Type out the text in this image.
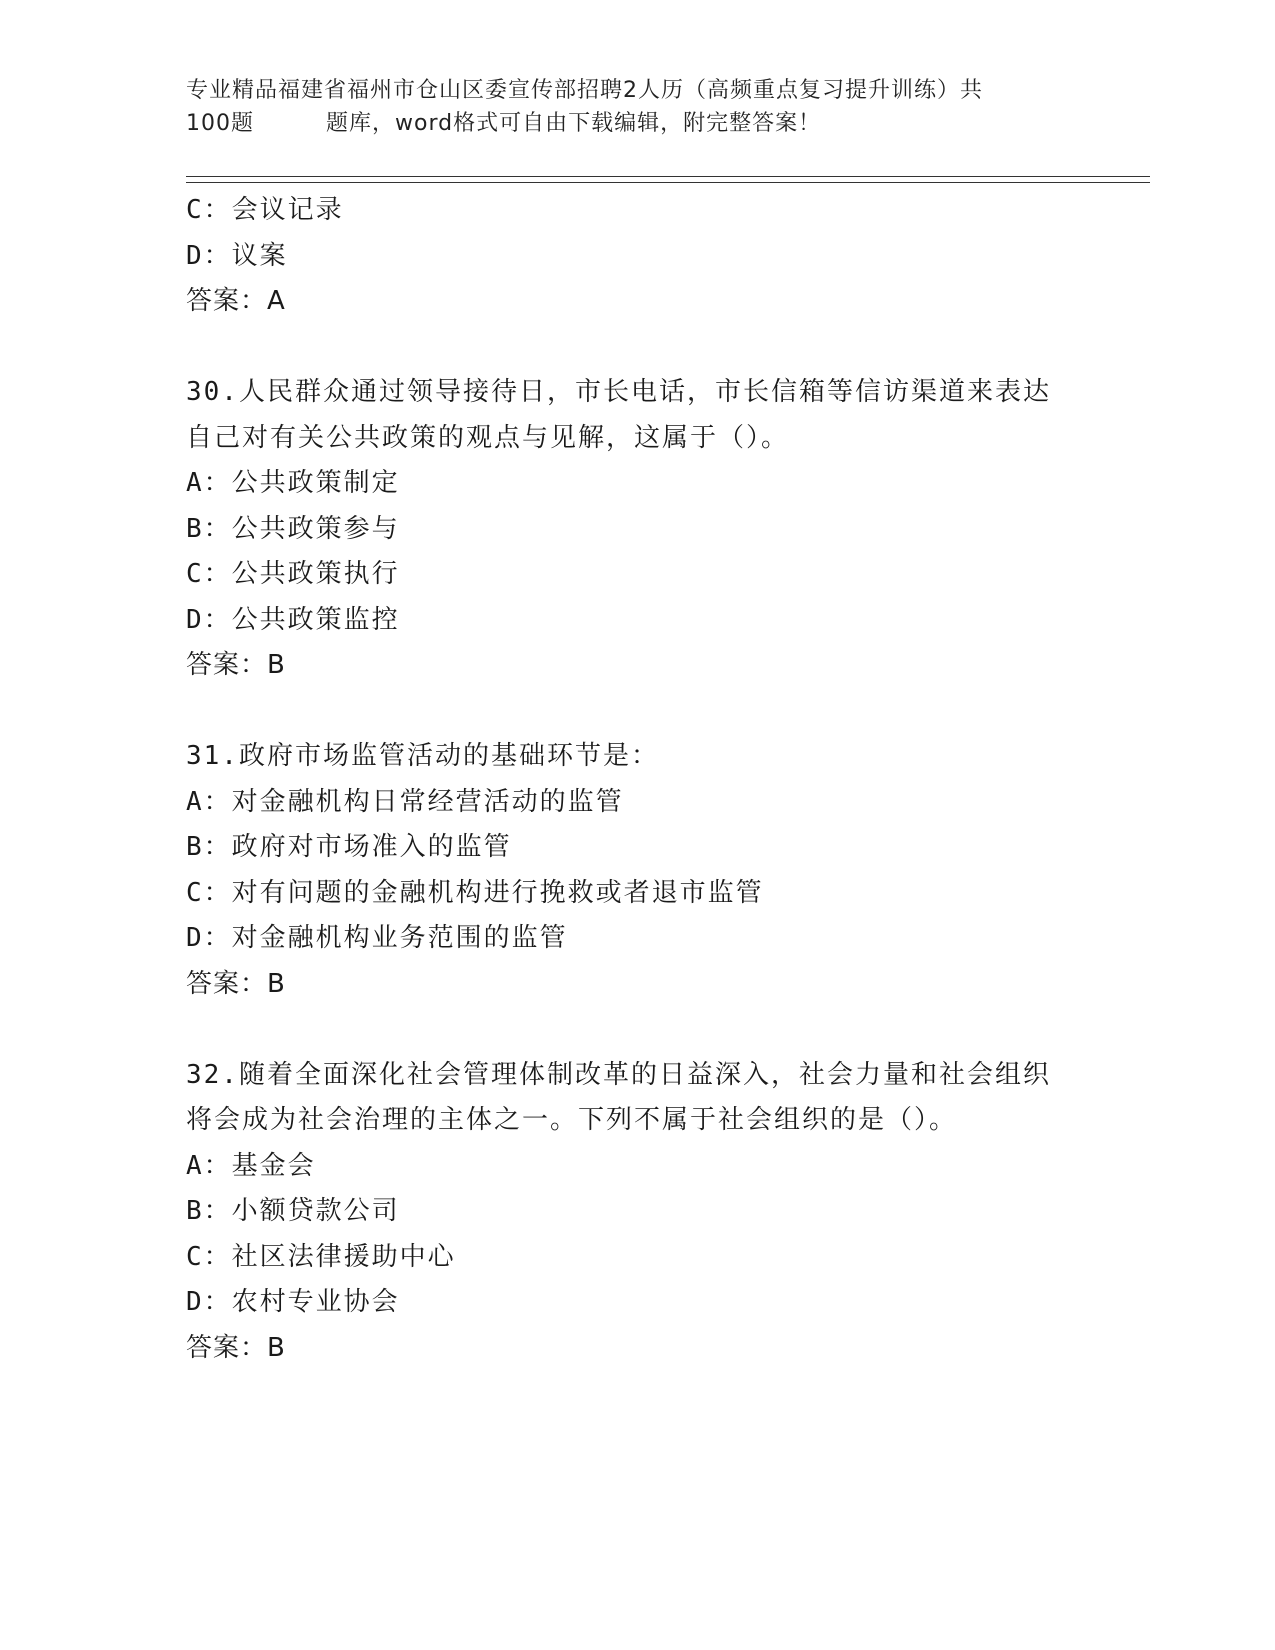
专业精品福建省福州市仓山区委宣传部招聘2人历（高频重点复习提升训练）共
100题	题库，word格式可自由下载编辑，附完整答案！
C：会议记录
D：议案
答案：A
30.人民群众通过领导接待日，市长电话，市长信箱等信访渠道来表达
自己对有关公共政策的观点与见解，这属于（）。
A：公共政策制定
B：公共政策参与
C：公共政策执行
D：公共政策监控
答案：B
31.政府市场监管活动的基础环节是：
A：对金融机构日常经营活动的监管
B：政府对市场准入的监管
C：对有问题的金融机构进行挽救或者退市监管
D：对金融机构业务范围的监管
答案：B
32.随着全面深化社会管理体制改革的日益深入，社会力量和社会组织
将会成为社会治理的主体之一。下列不属于社会组织的是（）。
A：基金会
B：小额贷款公司
C：社区法律援助中心
D：农村专业协会
答案：B
